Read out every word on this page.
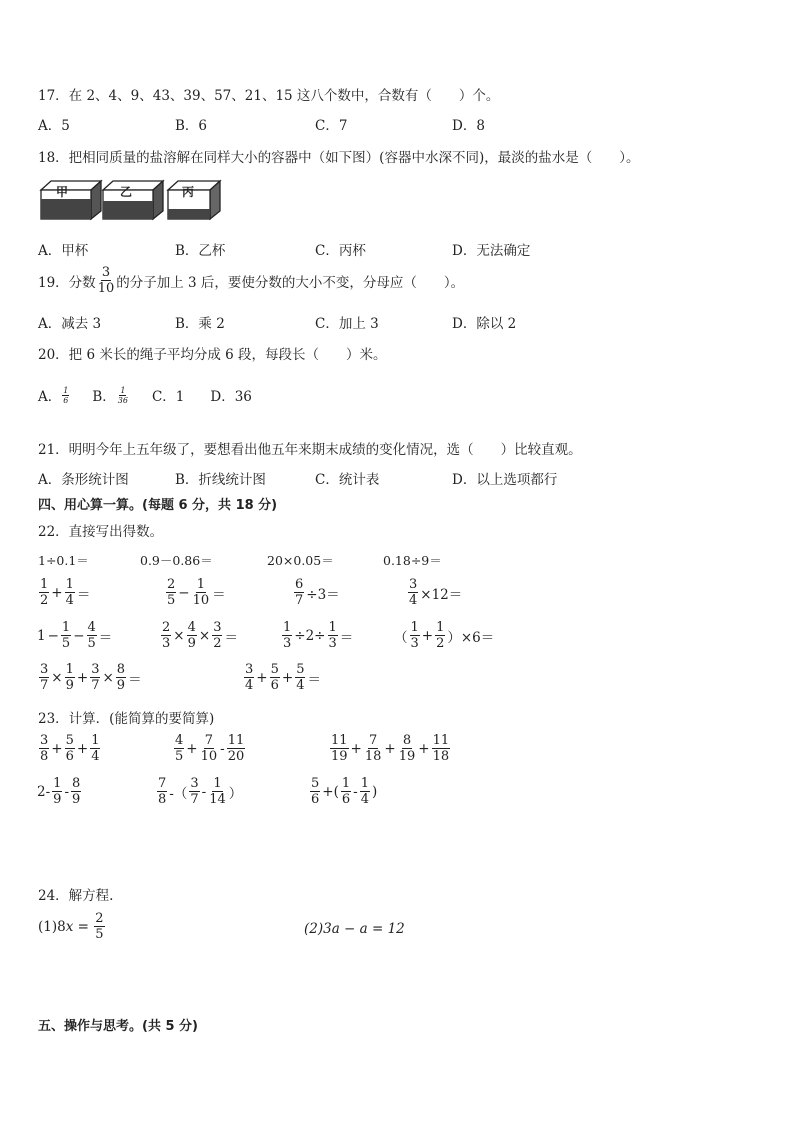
17．在 2、4、9、43、39、57、21、15 这八个数中，合数有（　　）个。
A．5	B．6	C．7	D．8
18．把相同质量的盐溶解在同样大小的容器中（如下图）(容器中水深不同)，最淡的盐水是（　　）。
甲	乙	丙
A．甲杯	B．乙杯	C．丙杯	D．无法确定
19．分数 $\frac{3}{10}$ 的分子加上 3 后，要使分数的大小不变，分母应（　　）。
A．减去 3	B．乘 2	C．加上 3	D．除以 2
20．把 6 米长的绳子平均分成 6 段，每段长（　　）米。
A． $\frac{1}{6}$ B． $\frac{1}{36}$ C．1 D．36
21．明明今年上五年级了，要想看出他五年来期末成绩的变化情况，选（　　）比较直观。
A．条形统计图	B．折线统计图	C．统计表	D．以上选项都行
四、用心算一算。(每题 6 分，共 18 分)
22．直接写出得数。
1÷0.1＝	0.9－0.86＝	20×0.05＝	0.18÷9＝
$\frac{1}{2} + \frac{1}{4}$ ＝	$\frac{2}{5} - \frac{1}{10}$ ＝	$\frac{6}{7} \div 3=$	$\frac{3}{4} \times 12=$
$1 - \frac{1}{5} - \frac{4}{5}$ ＝	$\frac{2}{3} \times \frac{4}{9} \times \frac{3}{2}$ ＝	$\frac{1}{3} \div 2\div \frac{1}{3}$ ＝	（ $\frac{1}{3} + \frac{1}{2} )\times 6=$
$\frac{3}{7} \times \frac{1}{9} + \frac{3}{7} \times \frac{8}{9}$ ＝	$\frac{3}{4} + \frac{5}{6} + \frac{5}{4}$ ＝
23．计算．(能简算的要简算)
$\frac{3}{8} + \frac{5}{6} + \frac{1}{4}$	$\frac{4}{5} + \frac{7}{10} - \frac{11}{20}$	$\frac{11}{19} + \frac{7}{18} + \frac{8}{19} + \frac{11}{18}$
$2- \frac{1}{9} - \frac{8}{9}$	$\frac{7}{8}$ -（ $\frac{3}{7} - \frac{1}{14}$ ）	$\frac{5}{6}$ +( $\frac{1}{6} - \frac{1}{4}$ )
24．解方程.
(1)8 $x = \frac{2}{5}$	(2)3a − a = 12
五、操作与思考。(共 5 分)
